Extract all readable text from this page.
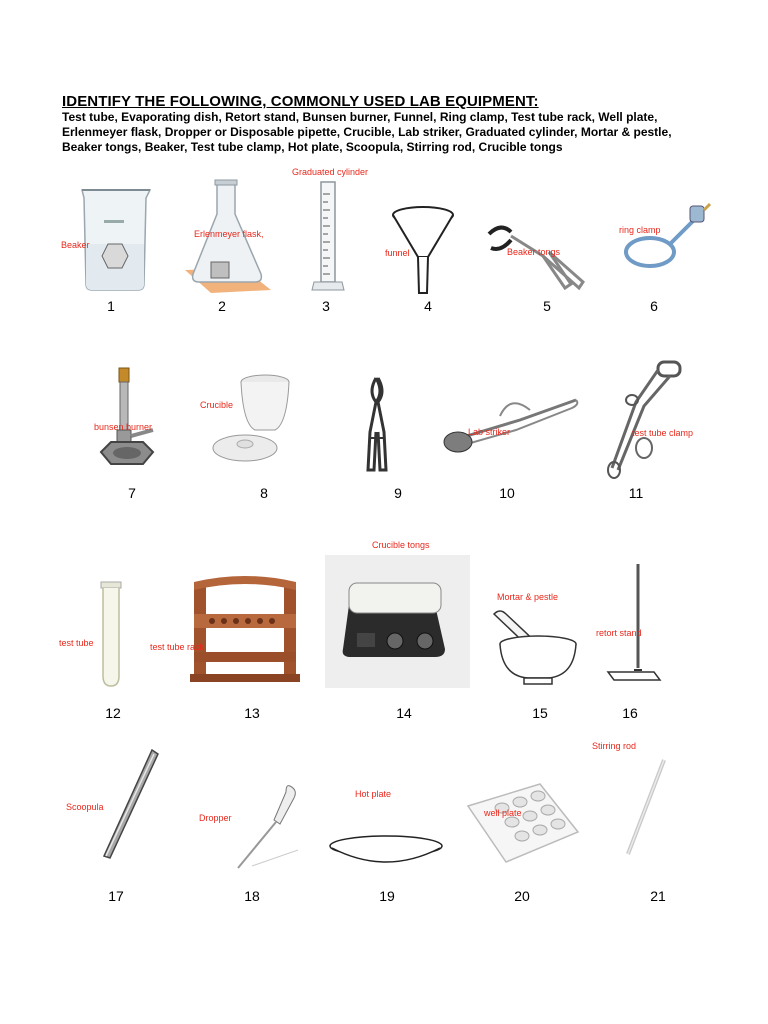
IDENTIFY THE FOLLOWING, COMMONLY USED LAB EQUIPMENT:
Test tube, Evaporating dish, Retort stand, Bunsen burner, Funnel, Ring clamp, Test tube rack, Well plate,
Erlenmeyer flask, Dropper or Disposable pipette, Crucible, Lab striker, Graduated cylinder, Mortar & pestle,
Beaker tongs, Beaker, Test tube clamp, Hot plate, Scoopula, Stirring rod, Crucible tongs
Beaker
1
Erlenmeyer flask,
2
Graduated cylinder
3
funnel
4
Beaker tongs
5
ring clamp
6
bunsen burner
7
Crucible
8	9
Lab striker
10
test tube clamp
11
test tube
12
test tube rack
13
Crucible tongs
14
Mortar & pestle
15
retort stand
16
Scoopula
17
Dropper
18
Hot plate
19
well plate
20
Stirring rod
21
